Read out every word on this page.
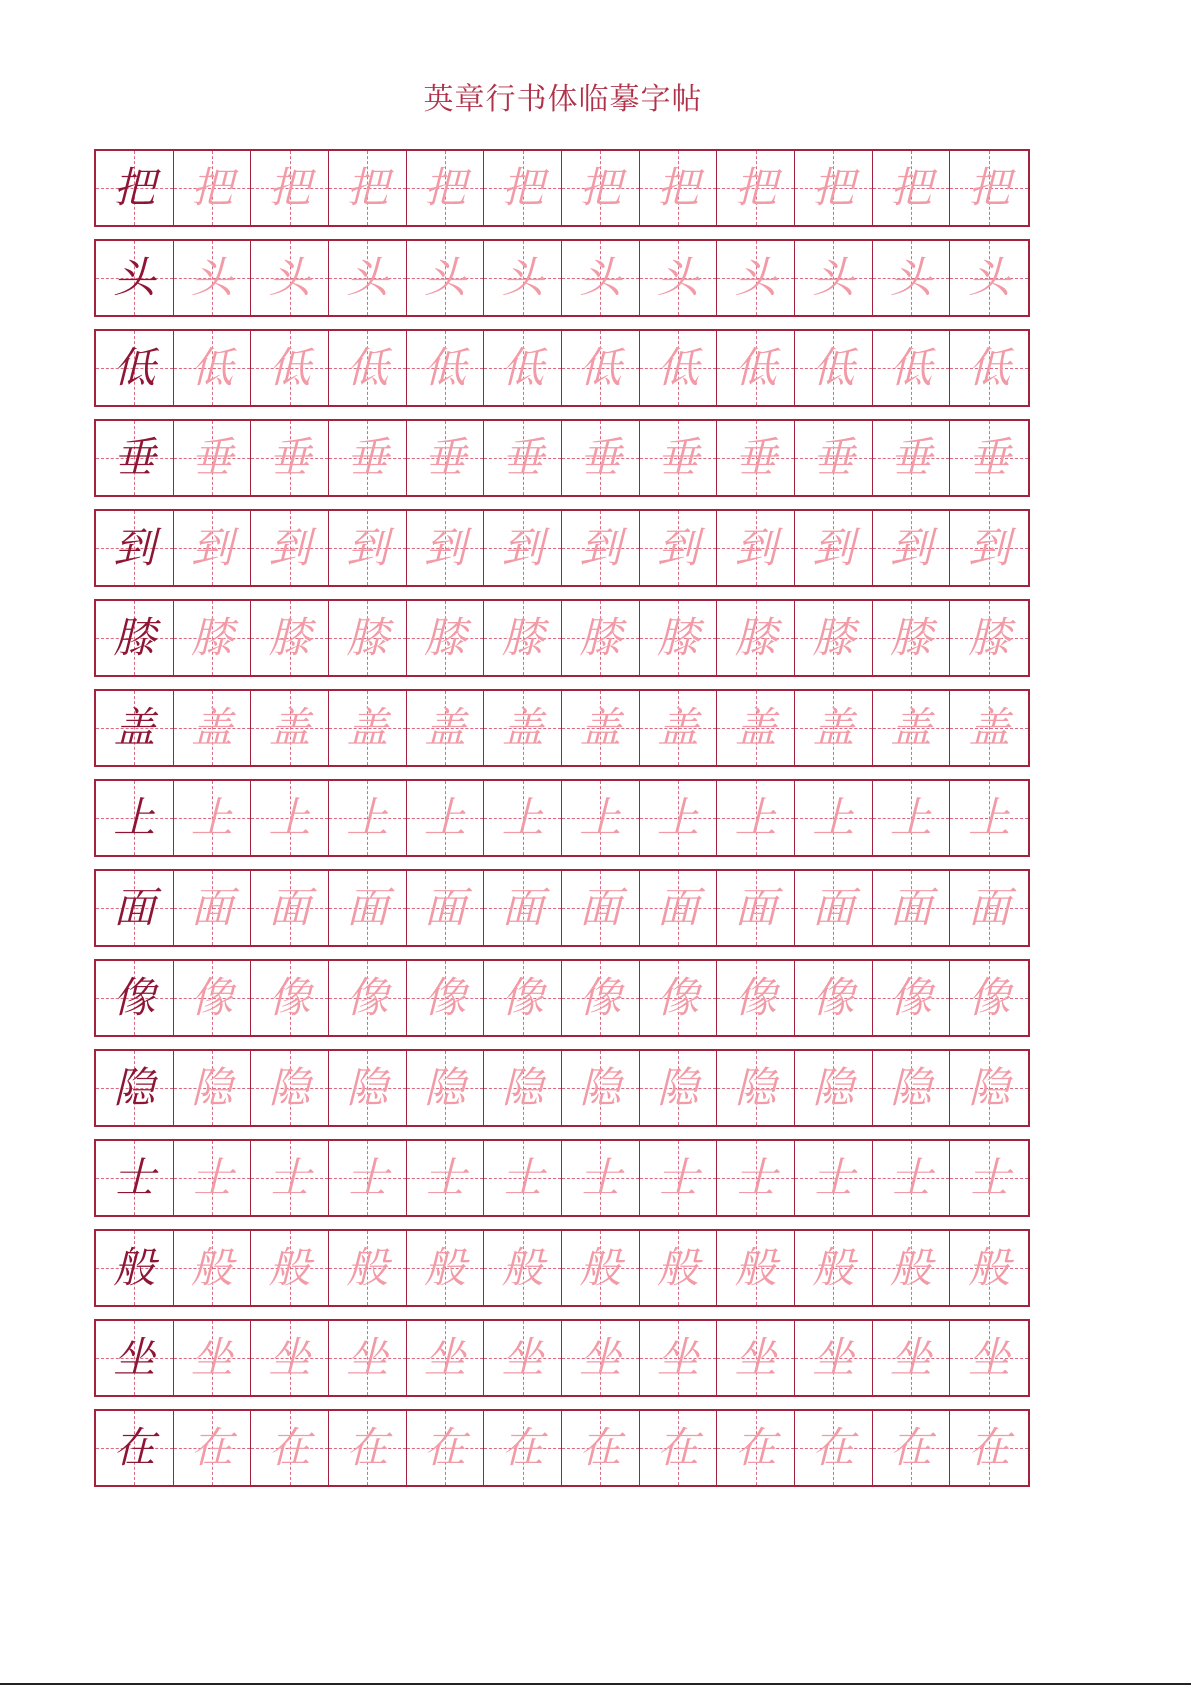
英章行书体临摹字帖
把 把 把 把 把 把 把 把 把 把 把 把
头 头 头 头 头 头 头 头 头 头 头 头
低 低 低 低 低 低 低 低 低 低 低 低
垂 垂 垂 垂 垂 垂 垂 垂 垂 垂 垂 垂
到 到 到 到 到 到 到 到 到 到 到 到
膝 膝 膝 膝 膝 膝 膝 膝 膝 膝 膝 膝
盖 盖 盖 盖 盖 盖 盖 盖 盖 盖 盖 盖
上 上 上 上 上 上 上 上 上 上 上 上
面 面 面 面 面 面 面 面 面 面 面 面
像 像 像 像 像 像 像 像 像 像 像 像
隐 隐 隐 隐 隐 隐 隐 隐 隐 隐 隐 隐
士 士 士 士 士 士 士 士 士 士 士 士
般 般 般 般 般 般 般 般 般 般 般 般
坐 坐 坐 坐 坐 坐 坐 坐 坐 坐 坐 坐
在 在 在 在 在 在 在 在 在 在 在 在
